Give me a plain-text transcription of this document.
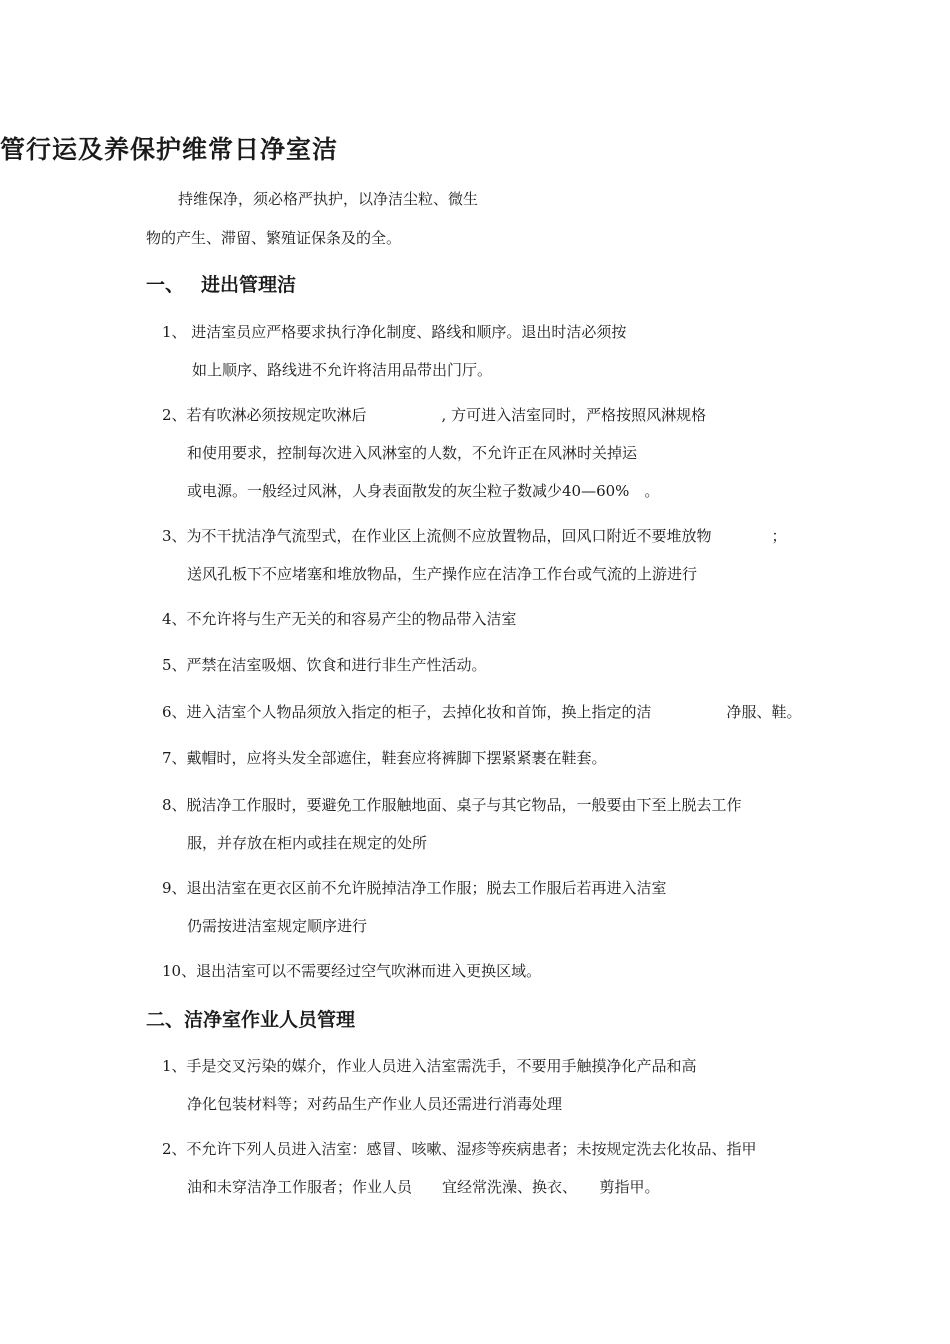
管行运及养保护维常日净室洁
持维保净，须必格严执护，以净洁尘粒、微生
物的产生、滞留、繁殖证保条及的全。
一、 进出管理洁
1、 进洁室员应严格要求执行净化制度、路线和顺序。退出时洁必须按
如上顺序、路线进不允许将洁用品带出门厅。
2、若有吹淋必须按规定吹淋后　　　　　, 方可进入洁室同时，严格按照风淋规格
和使用要求，控制每次进入风淋室的人数，不允许正在风淋时关掉运
或电源。一般经过风淋，人身表面散发的灰尘粒子数减少40—60%　。
3、为不干扰洁净气流型式，在作业区上流侧不应放置物品，回风口附近不要堆放物　　　　；
送风孔板下不应堵塞和堆放物品，生产操作应在洁净工作台或气流的上游进行
4、不允许将与生产无关的和容易产尘的物品带入洁室
5、严禁在洁室吸烟、饮食和进行非生产性活动。
6、进入洁室个人物品须放入指定的柜子，去掉化妆和首饰，换上指定的洁　　　　　净服、鞋。
7、戴帽时，应将头发全部遮住，鞋套应将裤脚下摆紧紧裹在鞋套。
8、脱洁净工作服时，要避免工作服触地面、桌子与其它物品，一般要由下至上脱去工作
服，并存放在柜内或挂在规定的处所
9、退出洁室在更衣区前不允许脱掉洁净工作服；脱去工作服后若再进入洁室
仍需按进洁室规定顺序进行
10、退出洁室可以不需要经过空气吹淋而进入更换区域。
二、洁净室作业人员管理
1、手是交叉污染的媒介，作业人员进入洁室需洗手，不要用手触摸净化产品和高
净化包装材料等；对药品生产作业人员还需进行消毒处理
2、不允许下列人员进入洁室：感冒、咳嗽、湿疹等疾病患者；未按规定洗去化妆品、指甲
油和未穿洁净工作服者；作业人员　　宜经常洗澡、换衣、　　剪指甲。
